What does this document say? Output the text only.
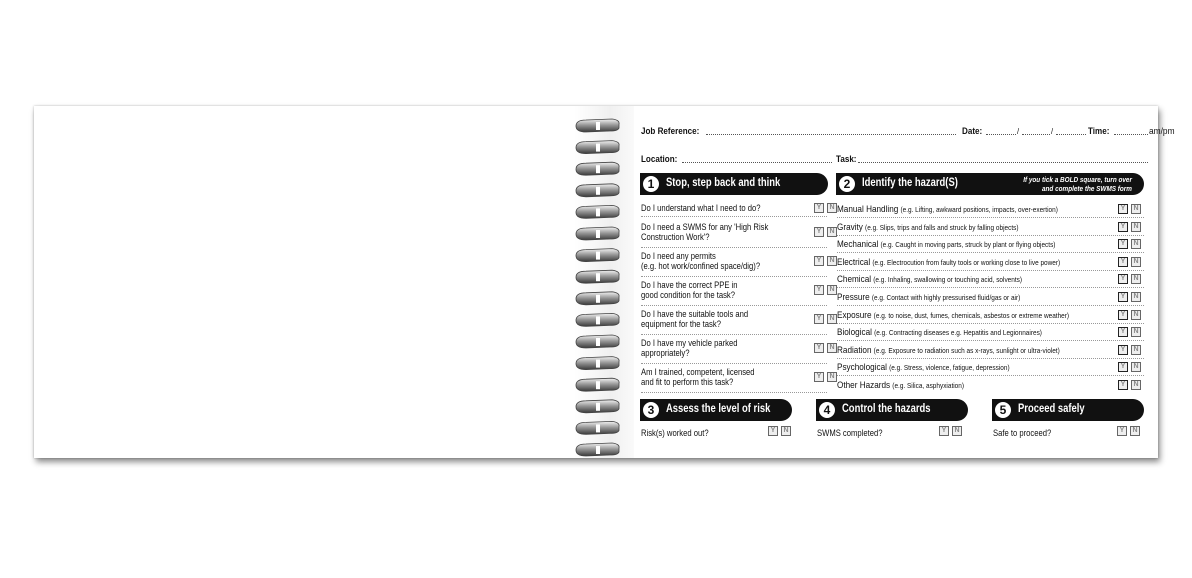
Job Reference:	Date:	/	/	Time:	am/pm
Location:	Task:
1	Stop, step back and think	2	Identify the hazard(S)	If you tick a BOLD square, turn over
and complete the SWMS form
Do I understand what I need to do?	Y	N
Do I need a SWMS for any 'High Risk
Construction Work'?
Y	N
Do I need any permits
(e.g. hot work/confined space/dig)?
Y	N
Do I have the correct PPE in
good condition for the task?
Y	N
Do I have the suitable tools and
equipment for the task?
Y	N
Do I have my vehicle parked
appropriately?
Y	N
Am I trained, competent, licensed
and fit to perform this task?
Y	N
Manual Handling (e.g. Lifting, awkward positions, impacts, over-exertion)	Y	N
Gravity (e.g. Slips, trips and falls and struck by falling objects)	Y	N
Mechanical (e.g. Caught in moving parts, struck by plant or flying objects)	Y	N
Electrical (e.g. Electrocution from faulty tools or working close to live power)	Y	N
Chemical (e.g. Inhaling, swallowing or touching acid, solvents)	Y	N
Pressure (e.g. Contact with highly pressurised fluid/gas or air)	Y	N
Exposure (e.g. to noise, dust, fumes, chemicals, asbestos or extreme weather)	Y	N
Biological (e.g. Contracting diseases e.g. Hepatitis and Legionnaires)	Y	N
Radiation (e.g. Exposure to radiation such as x-rays, sunlight or ultra-violet)	Y	N
Psychological (e.g. Stress, violence, fatigue, depression)	Y	N
Other Hazards (e.g. Silica, asphyxiation)	Y	N
3	Assess the level of risk
Risk(s) worked out?	Y	N
4	Control the hazards
SWMS completed?	Y	N
5	Proceed safely
Safe to proceed?	Y	N
